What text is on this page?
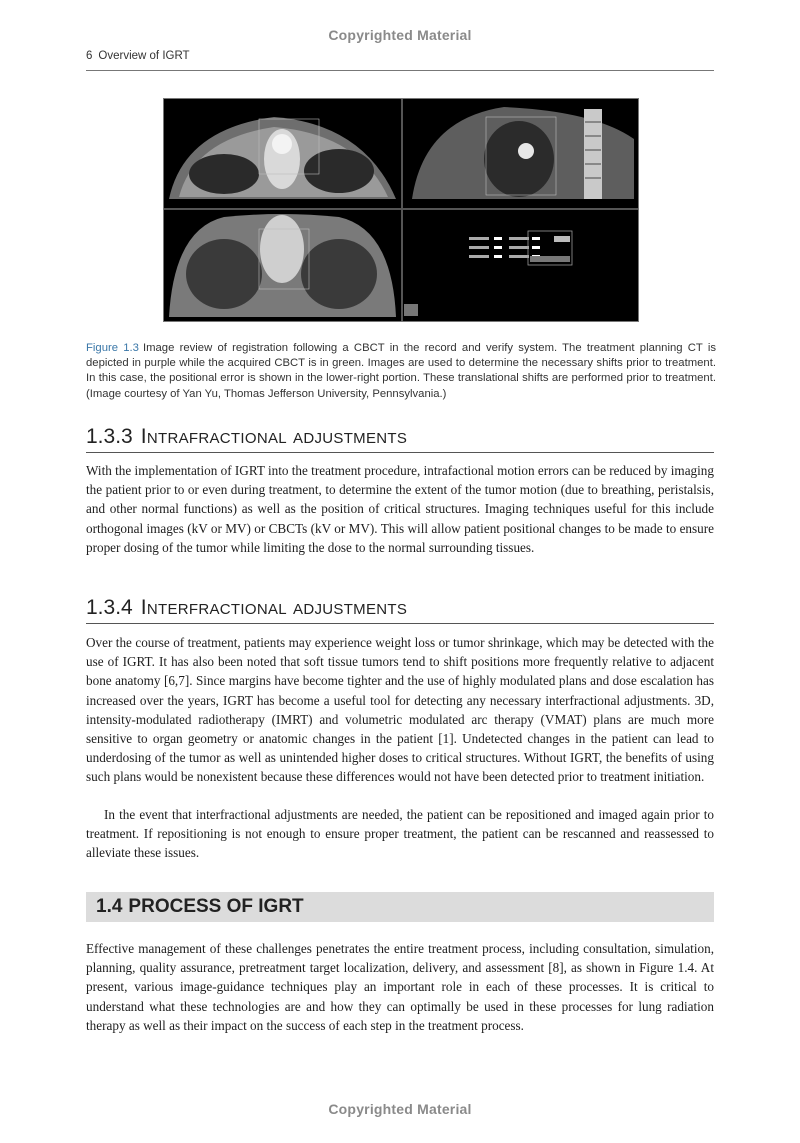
Copyrighted Material
6 Overview of IGRT
Figure 1.3 Image review of registration following a CBCT in the record and verify system. The treatment planning CT is depicted in purple while the acquired CBCT is in green. Images are used to determine the necessary shifts prior to treatment. In this case, the positional error is shown in the lower-right portion. These translational shifts are performed prior to treatment. (Image courtesy of Yan Yu, Thomas Jefferson University, Pennsylvania.)
1.3.3 Intrafractional adjustments
With the implementation of IGRT into the treatment procedure, intrafactional motion errors can be reduced by imaging the patient prior to or even during treatment, to determine the extent of the tumor motion (due to breathing, peristalsis, and other normal functions) as well as the position of critical structures. Imaging techniques useful for this include orthogonal images (kV or MV) or CBCTs (kV or MV). This will allow patient positional changes to be made to ensure proper dosing of the tumor while limiting the dose to the normal surrounding tissues.
1.3.4 Interfractional adjustments
Over the course of treatment, patients may experience weight loss or tumor shrinkage, which may be detected with the use of IGRT. It has also been noted that soft tissue tumors tend to shift positions more frequently relative to adjacent bone anatomy [6,7]. Since margins have become tighter and the use of highly modulated plans and dose escalation has increased over the years, IGRT has become a useful tool for detecting any necessary interfractional adjustments. 3D, intensity-modulated radiotherapy (IMRT) and volumetric modulated arc therapy (VMAT) plans are much more sensitive to organ geometry or anatomic changes in the patient [1]. Undetected changes in the patient can lead to underdosing of the tumor as well as unintended higher doses to critical structures. Without IGRT, the benefits of using such plans would be nonexistent because these differences would not have been detected prior to treatment initiation.
In the event that interfractional adjustments are needed, the patient can be repositioned and imaged again prior to treatment. If repositioning is not enough to ensure proper treatment, the patient can be rescanned and reassessed to alleviate these issues.
1.4 PROCESS OF IGRT
Effective management of these challenges penetrates the entire treatment process, including consultation, simulation, planning, quality assurance, pretreatment target localization, delivery, and assessment [8], as shown in Figure 1.4. At present, various image-guidance techniques play an important role in each of these processes. It is critical to understand what these technologies are and how they can optimally be used in these processes for lung radiation therapy as well as their impact on the success of each step in the treatment process.
Copyrighted Material
